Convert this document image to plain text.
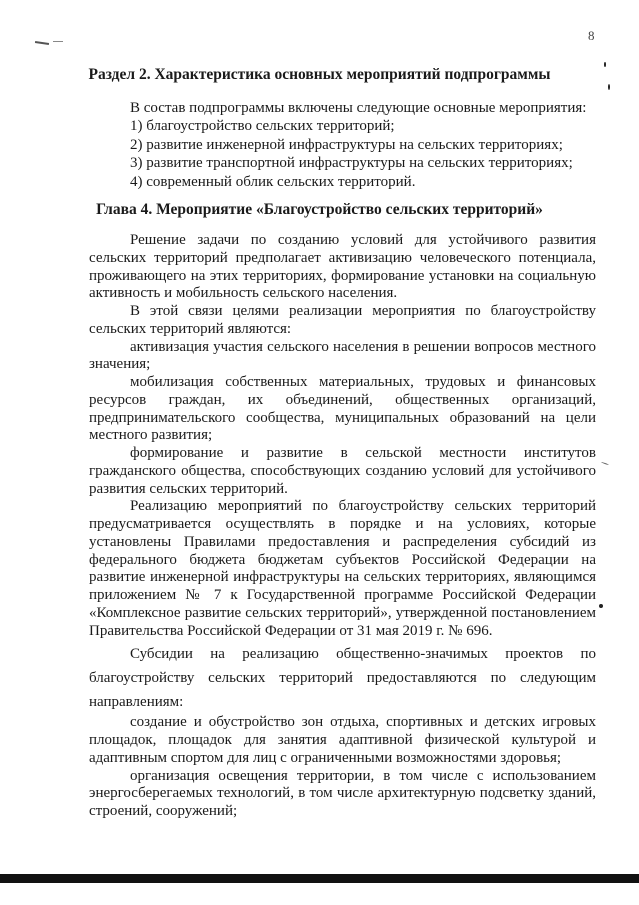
8
Раздел 2. Характеристика основных мероприятий подпрограммы
В состав подпрограммы включены следующие основные мероприятия:
1) благоустройство сельских территорий;
2) развитие инженерной инфраструктуры на сельских территориях;
3) развитие транспортной инфраструктуры на сельских территориях;
4) современный облик сельских территорий.
Глава 4. Мероприятие «Благоустройство сельских территорий»

Решение задачи по созданию условий для устойчивого развития сельских территорий предполагает активизацию человеческого потенциала, проживающего на этих территориях, формирование установки на социальную активность и мобильность сельского населения.

В этой связи целями реализации мероприятия по благоустройству сельских территорий являются:

активизация участия сельского населения в решении вопросов местного значения;

мобилизация собственных материальных, трудовых и финансовых ресурсов граждан, их объединений, общественных организаций, предпринимательского сообщества, муниципальных образований на цели местного развития;

формирование и развитие в сельской местности институтов гражданского общества, способствующих созданию условий для устойчивого развития сельских территорий.

Реализацию мероприятий по благоустройству сельских территорий предусматривается осуществлять в порядке и на условиях, которые установлены Правилами предоставления и распределения субсидий из федерального бюджета бюджетам субъектов Российской Федерации на развитие инженерной инфраструктуры на сельских территориях, являющимся приложением № 7 к Государственной программе Российской Федерации «Комплексное развитие сельских территорий», утвержденной постановлением Правительства Российской Федерации от 31 мая 2019 г. № 696.

Субсидии на реализацию общественно-значимых проектов по благоустройству сельских территорий предоставляются по следующим направлениям:

создание и обустройство зон отдыха, спортивных и детских игровых площадок, площадок для занятия адаптивной физической культурой и адаптивным спортом для лиц с ограниченными возможностями здоровья;

организация освещения территории, в том числе с использованием энергосберегаемых технологий, в том числе архитектурную подсветку зданий, строений, сооружений;
